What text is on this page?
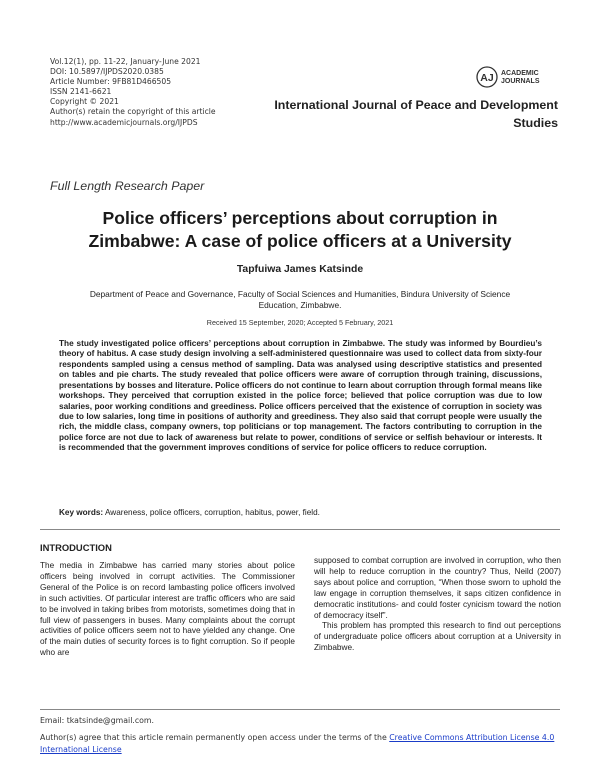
Vol.12(1), pp. 11-22, January-June 2021
DOI: 10.5897/IJPDS2020.0385
Article Number: 9FB81D466505
ISSN 2141-6621
Copyright © 2021
Author(s) retain the copyright of this article
http://www.academicjournals.org/IJPDS
AJ ACADEMIC
JOURNALS
International Journal of Peace and Development
Studies
Full Length Research Paper
Police officers’ perceptions about corruption in
Zimbabwe: A case of police officers at a University
Tapfuiwa James Katsinde
Department of Peace and Governance, Faculty of Social Sciences and Humanities, Bindura University of Science
Education, Zimbabwe.
Received 15 September, 2020; Accepted 5 February, 2021
The study investigated police officers’ perceptions about corruption in Zimbabwe. The study was informed by Bourdieu’s theory of habitus. A case study design involving a self-administered questionnaire was used to collect data from sixty-four respondents sampled using a census method of sampling. Data was analysed using descriptive statistics and presented on tables and pie charts. The study revealed that police officers were aware of corruption through training, discussions, presentations by bosses and literature. Police officers do not continue to learn about corruption through formal means like workshops. They perceived that corruption existed in the police force; believed that police corruption was due to low salaries, poor working conditions and greediness. Police officers perceived that the existence of corruption in society was due to low salaries, long time in positions of authority and greediness. They also said that corrupt people were usually the rich, the middle class, company owners, top politicians or top management. The factors contributing to corruption in the police force are not due to lack of awareness but relate to power, conditions of service or selfish behaviour or interests. It is recommended that the government improves conditions of service for police officers to reduce corruption.
Key words: Awareness, police officers, corruption, habitus, power, field.
INTRODUCTION

The media in Zimbabwe has carried many stories about police officers being involved in corrupt activities. The Commissioner General of the Police is on record lambasting police officers involved in such activities. Of particular interest are traffic officers who are said to be involved in taking bribes from motorists, sometimes doing that in full view of passengers in buses. Many complaints about the corrupt activities of police officers seem not to have yielded any change. One of the main duties of security forces is to fight corruption. So if people who are

supposed to combat corruption are involved in corruption, who then will help to reduce corruption in the country? Thus, Neild (2007) says about police and corruption, “When those sworn to uphold the law engage in corruption themselves, it saps citizen confidence in democratic institutions- and could foster cynicism toward the notion of democracy itself”.

This problem has prompted this research to find out perceptions of undergraduate police officers about corruption at a University in Zimbabwe.

Email: tkatsinde@gmail.com.
Author(s) agree that this article remain permanently open access under the terms of the Creative Commons Attribution License 4.0 International License
